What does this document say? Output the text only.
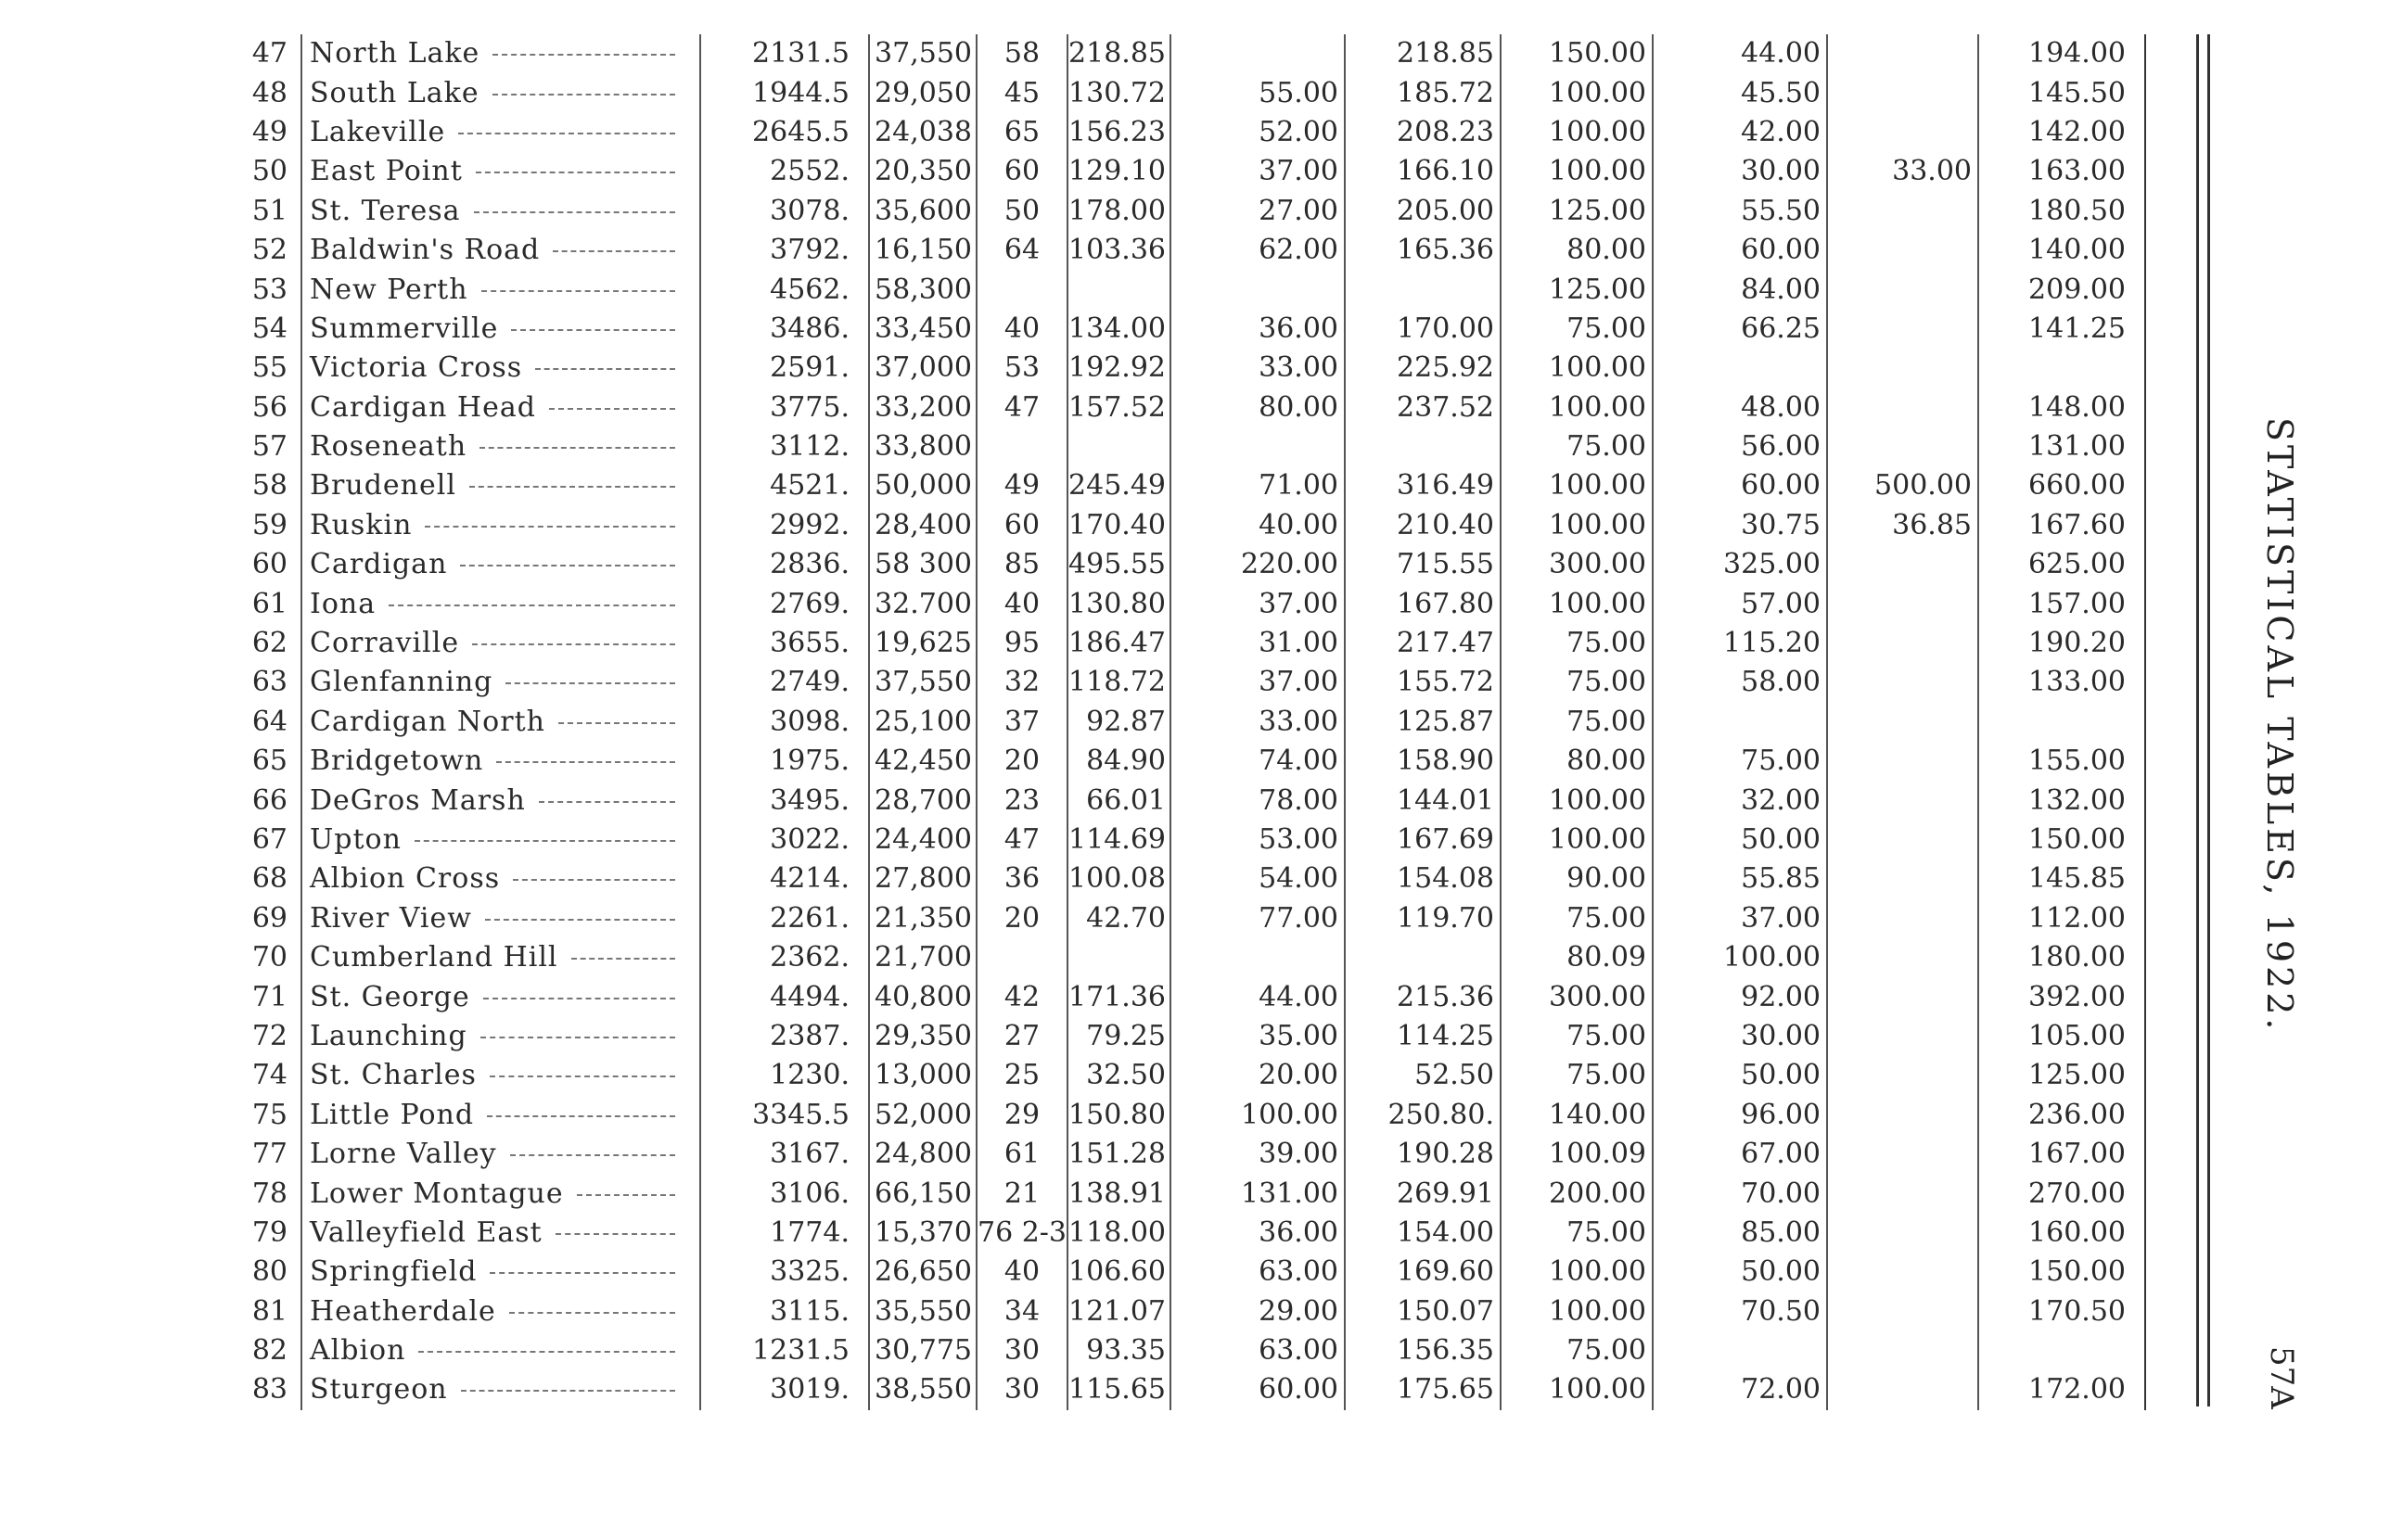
47	North Lake	2131.5	37,550	58	218.85		218.85	150.00	44.00		194.00
48	South Lake	1944.5	29,050	45	130.72	55.00	185.72	100.00	45.50		145.50
49	Lakeville	2645.5	24,038	65	156.23	52.00	208.23	100.00	42.00		142.00
50	East Point	2552.	20,350	60	129.10	37.00	166.10	100.00	30.00	33.00	163.00
51	St. Teresa	3078.	35,600	50	178.00	27.00	205.00	125.00	55.50		180.50
52	Baldwin's Road	3792.	16,150	64	103.36	62.00	165.36	80.00	60.00		140.00
53	New Perth	4562.	58,300					125.00	84.00		209.00
54	Summerville	3486.	33,450	40	134.00	36.00	170.00	75.00	66.25		141.25
55	Victoria Cross	2591.	37,000	53	192.92	33.00	225.92	100.00			
56	Cardigan Head	3775.	33,200	47	157.52	80.00	237.52	100.00	48.00		148.00
57	Roseneath	3112.	33,800					75.00	56.00		131.00
58	Brudenell	4521.	50,000	49	245.49	71.00	316.49	100.00	60.00	500.00	660.00
59	Ruskin	2992.	28,400	60	170.40	40.00	210.40	100.00	30.75	36.85	167.60
60	Cardigan	2836.	58 300	85	495.55	220.00	715.55	300.00	325.00		625.00
61	Iona	2769.	32.700	40	130.80	37.00	167.80	100.00	57.00		157.00
62	Corraville	3655.	19,625	95	186.47	31.00	217.47	75.00	115.20		190.20
63	Glenfanning	2749.	37,550	32	118.72	37.00	155.72	75.00	58.00		133.00
64	Cardigan North	3098.	25,100	37	92.87	33.00	125.87	75.00			
65	Bridgetown	1975.	42,450	20	84.90	74.00	158.90	80.00	75.00		155.00
66	DeGros Marsh	3495.	28,700	23	66.01	78.00	144.01	100.00	32.00		132.00
67	Upton	3022.	24,400	47	114.69	53.00	167.69	100.00	50.00		150.00
68	Albion Cross	4214.	27,800	36	100.08	54.00	154.08	90.00	55.85		145.85
69	River View	2261.	21,350	20	42.70	77.00	119.70	75.00	37.00		112.00
70	Cumberland Hill	2362.	21,700					80.09	100.00		180.00
71	St. George	4494.	40,800	42	171.36	44.00	215.36	300.00	92.00		392.00
72	Launching	2387.	29,350	27	79.25	35.00	114.25	75.00	30.00		105.00
74	St. Charles	1230.	13,000	25	32.50	20.00	52.50	75.00	50.00		125.00
75	Little Pond	3345.5	52,000	29	150.80	100.00	250.80.	140.00	96.00		236.00
77	Lorne Valley	3167.	24,800	61	151.28	39.00	190.28	100.09	67.00		167.00
78	Lower Montague	3106.	66,150	21	138.91	131.00	269.91	200.00	70.00		270.00
79	Valleyfield East	1774.	15,370	76 2-3	118.00	36.00	154.00	75.00	85.00		160.00
80	Springfield	3325.	26,650	40	106.60	63.00	169.60	100.00	50.00		150.00
81	Heatherdale	3115.	35,550	34	121.07	29.00	150.07	100.00	70.50		170.50
82	Albion	1231.5	30,775	30	93.35	63.00	156.35	75.00			
83	Sturgeon	3019.	38,550	30	115.65	60.00	175.65	100.00	72.00		172.00
STATISTICAL TABLES, 1922.
57A
